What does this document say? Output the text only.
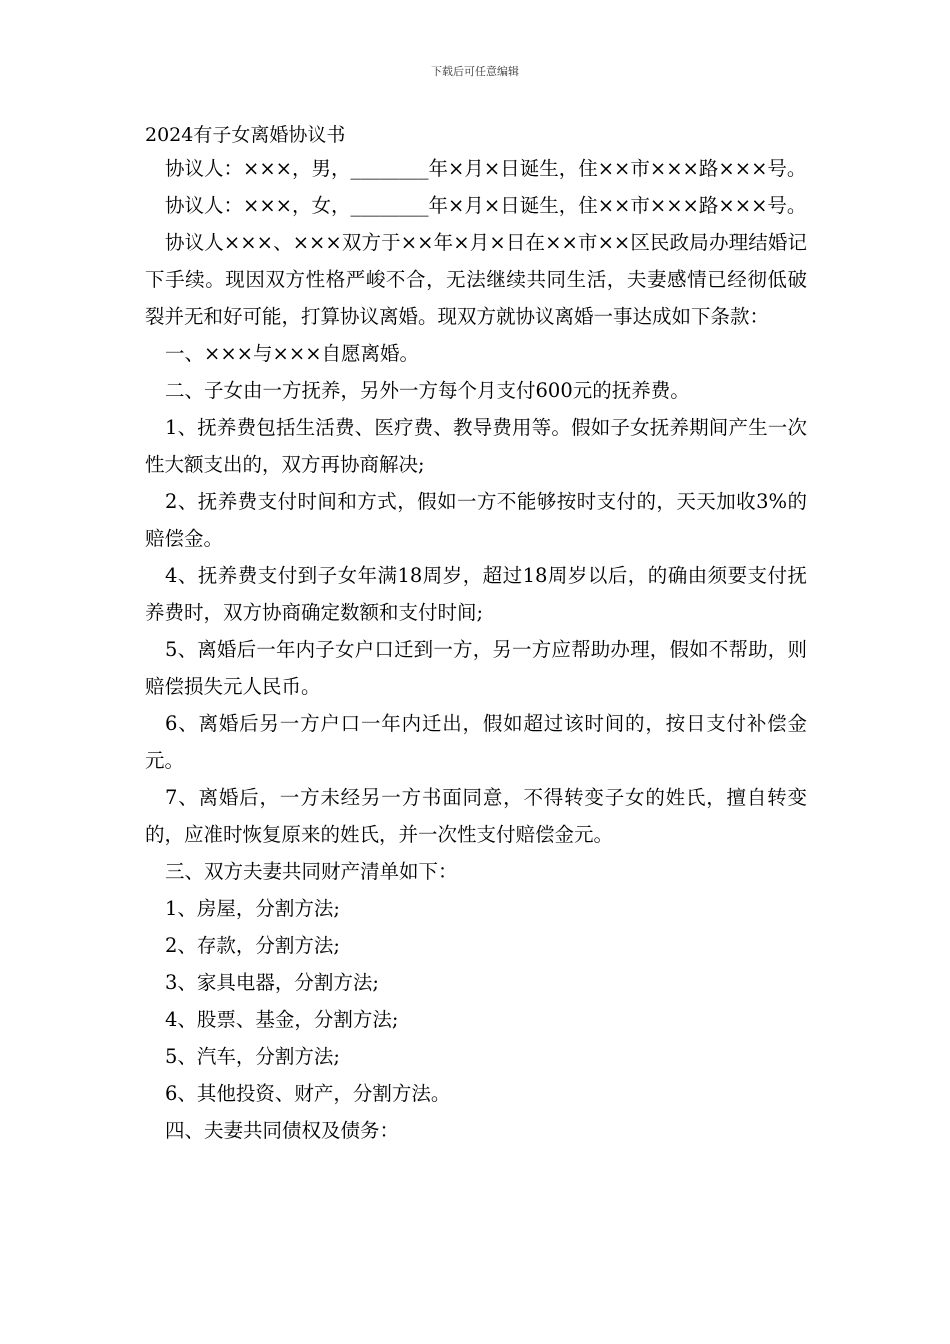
下载后可任意编辑
2024有子女离婚协议书

协议人：×××，男，________年×月×日诞生，住××市×××路×××号。

协议人：×××，女，________年×月×日诞生，住××市×××路×××号。

协议人×××、×××双方于××年×月×日在××市××区民政局办理结婚记下手续。现因双方性格严峻不合，无法继续共同生活，夫妻感情已经彻低破裂并无和好可能，打算协议离婚。现双方就协议离婚一事达成如下条款：

一、×××与×××自愿离婚。

二、子女由一方抚养，另外一方每个月支付600元的抚养费。

1、抚养费包括生活费、医疗费、教导费用等。假如子女抚养期间产生一次性大额支出的，双方再协商解决;

2、抚养费支付时间和方式，假如一方不能够按时支付的，天天加收3%的赔偿金。

4、抚养费支付到子女年满18周岁，超过18周岁以后，的确由须要支付抚养费时，双方协商确定数额和支付时间;

5、离婚后一年内子女户口迁到一方，另一方应帮助办理，假如不帮助，则赔偿损失元人民币。

6、离婚后另一方户口一年内迁出，假如超过该时间的，按日支付补偿金元。

7、离婚后，一方未经另一方书面同意，不得转变子女的姓氏，擅自转变的，应准时恢复原来的姓氏，并一次性支付赔偿金元。

三、双方夫妻共同财产清单如下：

1、房屋，分割方法;

2、存款，分割方法;

3、家具电器，分割方法;

4、股票、基金，分割方法;

5、汽车，分割方法;

6、其他投资、财产，分割方法。

四、夫妻共同债权及债务：
